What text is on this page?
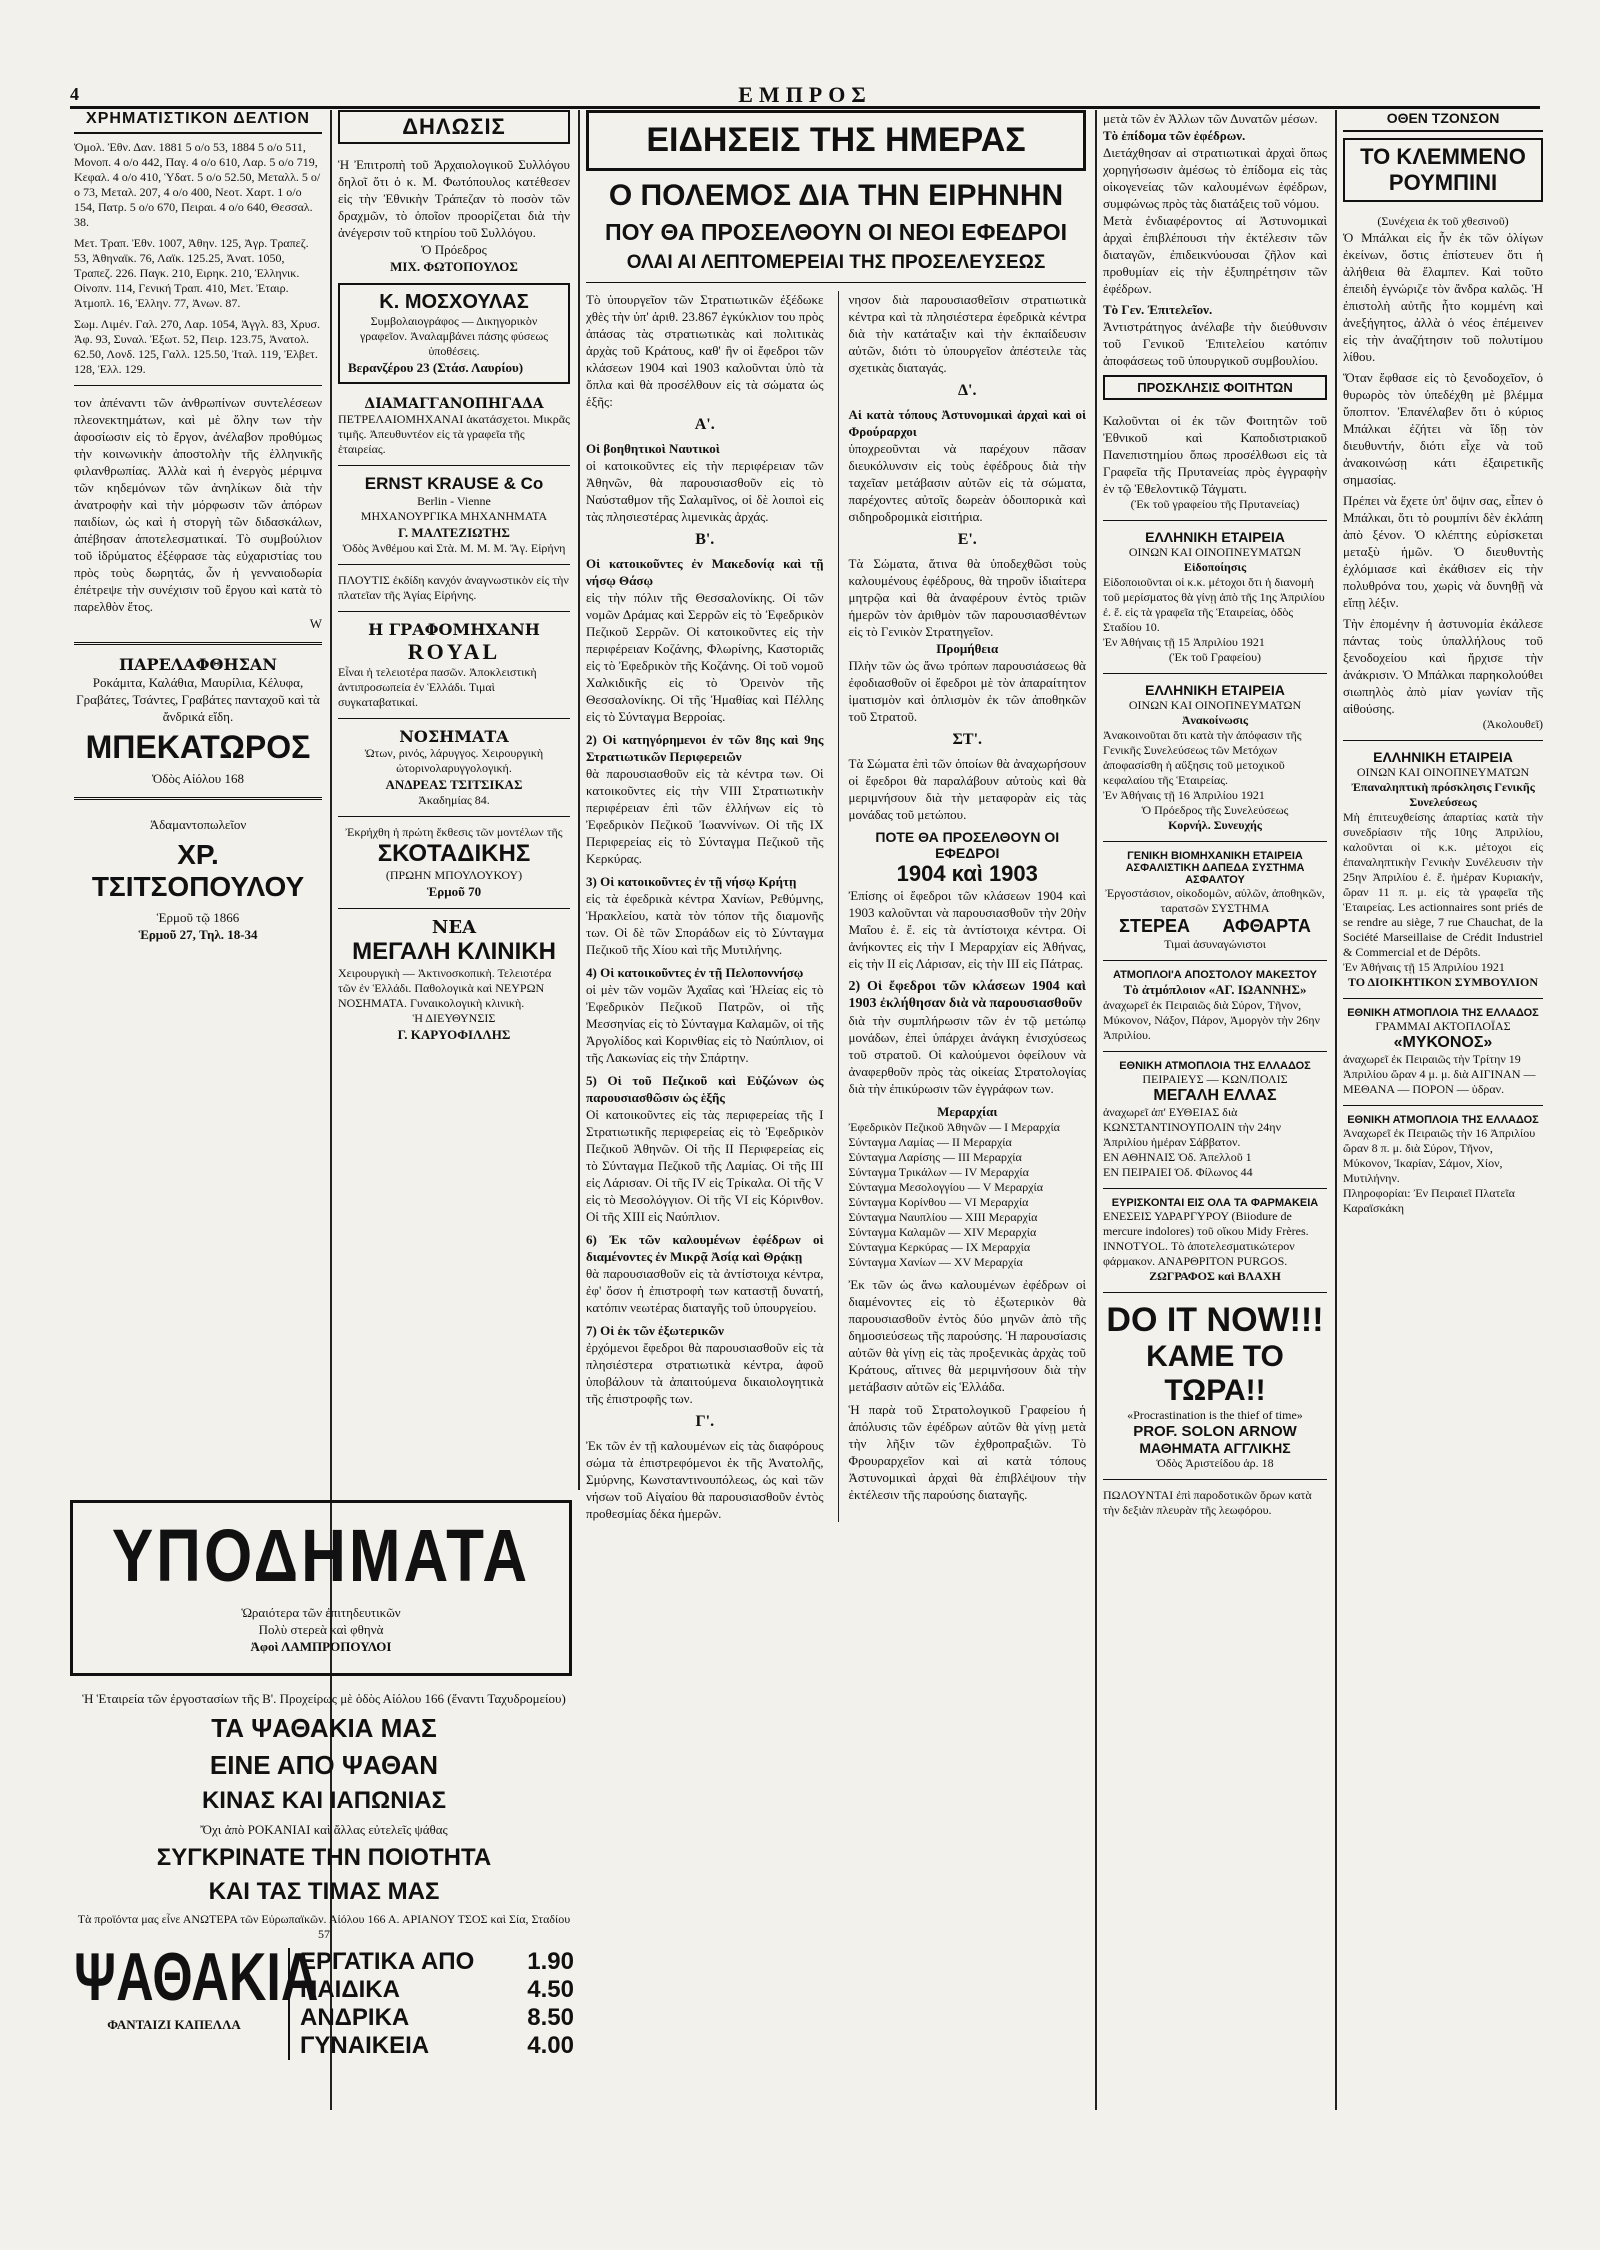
4	ΕΜΠΡΟΣ
ΧΡΗΜΑΤΙΣΤΙΚΟΝ ΔΕΛΤΙΟΝ
Ὁμολ. Ἐθν. Δαν. 1881 5 ο/ο 53, 1884 5 ο/ο 511, Μονοπ. 4 ο/ο 442, Παγ. 4 ο/ο 610, Λαρ. 5 ο/ο 719, Κεφαλ. 4 ο/ο 410, Ὑδατ. 5 ο/ο 52.50, Μεταλλ. 5 ο/ο 73, Μεταλ. 207, 4 ο/ο 400, Νεοτ. Χαρτ. 1 ο/ο 154, Πατρ. 5 ο/ο 670, Πειραι. 4 ο/ο 640, Θεσσαλ. 38.
Μετ. Τραπ. Ἐθν. 1007, Ἀθην. 125, Ἀγρ. Τραπεζ. 53, Ἀθηναϊκ. 76, Λαϊκ. 125.25, Ἀνατ. 1050, Τραπεζ. 226. Παγκ. 210, Ειρηκ. 210, Ἑλληνικ. Οἰνοπν. 114, Γενική Τραπ. 410, Μετ. Ἐταιρ. Ἀτμοπλ. 16, Ἑλλην. 77, Ἀνων. 87.
Σωμ. Λιμέν. Γαλ. 270, Λαρ. 1054, Ἀγγλ. 83, Χρυσ. Ἀφ. 93, Συναλ. Ἐξωτ. 52, Πειρ. 123.75, Ἀνατολ. 62.50, Λονδ. 125, Γαλλ. 125.50, Ἰταλ. 119, Ἐλβετ. 128, Ἐλλ. 129.
τον ἀπέναντι τῶν ἀνθρωπίνων συντελέσεων πλεονεκτημάτων, καὶ μὲ ὅλην των τὴν ἀφοσίωσιν εἰς τὸ ἔργον, ἀνέλαβον προθύμως τὴν κοινωνικὴν ἀποστολὴν τῆς ἑλληνικῆς φιλανθρωπίας. Ἀλλὰ καὶ ἡ ἐνεργὸς μέριμνα τῶν κηδεμόνων τῶν ἀνηλίκων διὰ τὴν ἀνατροφὴν καὶ τὴν μόρφωσιν τῶν ἀπόρων παιδίων, ὡς καὶ ἡ στοργὴ τῶν διδασκάλων, ἀπέβησαν ἀποτελεσματικαί. Τὸ συμβούλιον τοῦ ἱδρύματος ἐξέφρασε τὰς εὐχαριστίας του πρὸς τοὺς δωρητάς, ὧν ἡ γενναιοδωρία ἐπέτρεψε τὴν συνέχισιν τοῦ ἔργου καὶ κατὰ τὸ παρελθὸν ἔτος.
W
ΠΑΡΕΛΑΦΘΗΣΑΝ
Ροκάμιτα, Καλάθια, Μαυρίλια, Κέλυφα, Γραβάτες, Τσάντες, Γραβάτες πανταχοῦ καὶ τὰ ἄνδρικά εἴδη.
ΜΠΕΚΑΤΩΡΟΣ
Ὁδὸς Αἰόλου 168
Ἀδαμαντοπωλεῖον
ΧΡ. ΤΣΙΤΣΟΠΟΥΛΟΥ
Ἑρμοῦ τῷ 1866
Ἑρμοῦ 27, Τηλ. 18-34
ΔΗΛΩΣΙΣ
Ἡ Ἐπιτροπὴ τοῦ Ἀρχαιολογικοῦ Συλλόγου δηλοῖ ὅτι ὁ κ. Μ. Φωτόπουλος κατέθεσεν εἰς τὴν Ἐθνικὴν Τράπεζαν τὸ ποσὸν τῶν δραχμῶν, τὸ ὁποῖον προορίζεται διὰ τὴν ἀνέγερσιν τοῦ κτηρίου τοῦ Συλλόγου.
Ὁ Πρόεδρος
ΜΙΧ. ΦΩΤΟΠΟΥΛΟΣ
Κ. ΜΟΣΧΟΥΛΑΣ
Συμβολαιογράφος — Δικηγορικὸν γραφεῖον. Ἀναλαμβάνει πάσης φύσεως ὑποθέσεις.
Βερανζέρου 23 (Στάσ. Λαυρίου)
ΔΙΑΜΑΓΓΑΝΟΠΗΓΑΔΑ
ΠΕΤΡΕΛΑΙΟΜΗΧΑΝΑΙ ἀκατάσχετοι. Μικρᾶς τιμῆς. Ἀπευθυντέον εἰς τὰ γραφεῖα τῆς ἑταιρείας.
ERNST KRAUSE & Co
Berlin - Vienne
ΜΗΧΑΝΟΥΡΓΙΚΑ ΜΗΧΑΝΗΜΑΤΑ
Γ. ΜΑΛΤΕΖΙΩΤΗΣ
Ὁδὸς Ἀνθέμου καὶ Στὰ. Μ. Μ. Μ. Ἄγ. Εἰρήνη
ΠΛΟΥΤΙΣ ἐκδίδη κανχόν ἀναγνωστικὸν εἰς τὴν πλατεῖαν τῆς Ἁγίας Εἰρήνης.
Η ΓΡΑΦΟΜΗΧΑΝΗ
ROYAL
Εἶναι ἡ τελειοτέρα πασῶν. Ἀποκλειστικὴ ἀντιπροσωπεία ἐν Ἑλλάδι. Τιμαὶ συγκαταβατικαί.
ΝΟΣΗΜΑΤΑ
Ὠτων, ρινός, λάρυγγος. Χειρουργικὴ ὠτορινολαρυγγολογική.
ΑΝΔΡΕΑΣ ΤΣΙΤΣΙΚΑΣ
Ἀκαδημίας 84.
Ἐκρήχθη ἡ πρώτη ἔκθεσις τῶν μοντέλων τῆς
ΣΚΟΤΑΔΙΚΗΣ
(ΠΡΩΗΝ ΜΠΟΥΛΟΥΚΟΥ)
Ἑρμοῦ 70
ΝΕΑ
ΜΕΓΑΛΗ ΚΛΙΝΙΚΗ
Χειρουργικὴ — Ἀκτινοσκοπικὴ. Τελειοτέρα τῶν ἐν Ἑλλάδι. Παθολογικὰ καὶ ΝΕΥΡΩΝ ΝΟΣΗΜΑΤΑ. Γυναικολογικὴ κλινικὴ.
Ἡ ΔΙΕΥΘΥΝΣΙΣ
Γ. ΚΑΡΥΟΦΙΛΛΗΣ
ΥΠΟΔΗΜΑΤΑ
Ὡραιότερα τῶν ἐπιτηδευτικῶν
Πολὺ στερεὰ καὶ φθηνὰ
Ἀφοὶ ΛΑΜΠΡΟΠΟΥΛΟΙ
Ἡ Ἑταιρεία τῶν ἐργοστασίων τῆς Β'. Προχείρως μὲ ὁδὸς Αἰόλου 166 (ἔναντι Ταχυδρομείου)
ΤΑ ΨΑΘΑΚΙΑ ΜΑΣ
ΕΙΝΕ ΑΠΟ ΨΑΘΑΝ
ΚΙΝΑΣ ΚΑΙ ΙΑΠΩΝΙΑΣ
Ὄχι ἀπὸ ΡΟΚΑΝΙΑΙ καὶ ἄλλας εὐτελεῖς ψάθας
ΣΥΓΚΡΙΝΑΤΕ ΤΗΝ ΠΟΙΟΤΗΤΑ
ΚΑΙ ΤΑΣ ΤΙΜΑΣ ΜΑΣ
Τὰ προϊόντα μας εἶνε ΑΝΩΤΕΡΑ τῶν Εὐρωπαϊκῶν. Αἰόλου 166 Α. ΑΡΙΑΝΟΥ ΤΣΟΣ καὶ Σία, Σταδίου 57
ΨΑΘΑΚΙΑ
ΦΑΝΤΑΙΖΙ ΚΑΠΕΛΛΑ
ΕΡΓΑΤΙΚΑ ΑΠΟ 1.90
ΠΑΙΔΙΚΑ	4.50
ΑΝΔΡΙΚΑ	8.50
ΓΥΝΑΙΚΕΙΑ	4.00
ΕΙΔΗΣΕΙΣ ΤΗΣ ΗΜΕΡΑΣ
Ο ΠΟΛΕΜΟΣ ΔΙΑ ΤΗΝ ΕΙΡΗΝΗΝ
ΠΟΥ ΘΑ ΠΡΟΣΕΛΘΟΥΝ ΟΙ ΝΕΟΙ ΕΦΕΔΡΟΙ
ΟΛΑΙ ΑΙ ΛΕΠΤΟΜΕΡΕΙΑΙ ΤΗΣ ΠΡΟΣΕΛΕΥΣΕΩΣ
Τὸ ὑπουργεῖον τῶν Στρατιωτικῶν ἐξέδωκε χθὲς τὴν ὑπ' ἀριθ. 23.867 ἐγκύκλιον του πρὸς ἁπάσας τὰς στρατιωτικὰς καὶ πολιτικὰς ἀρχὰς τοῦ Κράτους, καθ' ἣν οἱ ἔφεδροι τῶν κλάσεων 1904 καὶ 1903 καλοῦνται ὑπὸ τὰ ὅπλα καὶ θὰ προσέλθουν εἰς τὰ σώματα ὡς ἑξῆς:
Α'.
Οἱ βοηθητικοὶ Ναυτικοὶ
οἱ κατοικοῦντες εἰς τὴν περιφέρειαν τῶν Ἀθηνῶν, θὰ παρουσιασθοῦν εἰς τὸ Ναύσταθμον τῆς Σαλαμῖνος, οἱ δὲ λοιποὶ εἰς τὰς πλησιεστέρας λιμενικὰς ἀρχάς.
Β'.
Οἱ κατοικοῦντες ἐν Μακεδονίᾳ καὶ τῇ νήσῳ Θάσῳ
εἰς τὴν πόλιν τῆς Θεσσαλονίκης. Οἱ τῶν νομῶν Δράμας καὶ Σερρῶν εἰς τὸ Ἐφεδρικὸν Πεζικοῦ Σερρῶν. Οἱ κατοικοῦντες εἰς τὴν περιφέρειαν Κοζάνης, Φλωρίνης, Καστοριᾶς εἰς τὸ Ἐφεδρικὸν τῆς Κοζάνης. Οἱ τοῦ νομοῦ Χαλκιδικῆς εἰς τὸ Ὀρεινὸν τῆς Θεσσαλονίκης. Οἱ τῆς Ἠμαθίας καὶ Πέλλης εἰς τὸ Σύνταγμα Βερροίας.
2) Οἱ κατηγόρημενοι ἐν τῶν 8ης καὶ 9ης Στρατιωτικῶν Περιφερειῶν
θὰ παρουσιασθοῦν εἰς τὰ κέντρα των. Οἱ κατοικοῦντες εἰς τὴν VIII Στρατιωτικὴν περιφέρειαν ἐπὶ τῶν ἑλλήνων εἰς τὸ Ἐφεδρικὸν Πεζικοῦ Ἰωαννίνων. Οἱ τῆς IX Περιφερείας εἰς τὸ Σύνταγμα Πεζικοῦ τῆς Κερκύρας.
3) Οἱ κατοικοῦντες ἐν τῇ νήσῳ Κρήτῃ
εἰς τὰ ἐφεδρικὰ κέντρα Χανίων, Ρεθύμνης, Ἡρακλείου, κατὰ τὸν τόπον τῆς διαμονῆς των. Οἱ δὲ τῶν Σποράδων εἰς τὸ Σύνταγμα Πεζικοῦ τῆς Χίου καὶ τῆς Μυτιλήνης.
4) Οἱ κατοικοῦντες ἐν τῇ Πελοποννήσῳ
οἱ μὲν τῶν νομῶν Ἀχαΐας καὶ Ἠλείας εἰς τὸ Ἐφεδρικὸν Πεζικοῦ Πατρῶν, οἱ τῆς Μεσσηνίας εἰς τὸ Σύνταγμα Καλαμῶν, οἱ τῆς Ἀργολίδος καὶ Κορινθίας εἰς τὸ Ναύπλιον, οἱ τῆς Λακωνίας εἰς τὴν Σπάρτην.
5) Οἱ τοῦ Πεζικοῦ καὶ Εὐζώνων ὡς παρουσιασθῶσιν ὡς ἑξῆς
Οἱ κατοικοῦντες εἰς τὰς περιφερείας τῆς Ι Στρατιωτικῆς περιφερείας εἰς τὸ Ἐφεδρικὸν Πεζικοῦ Ἀθηνῶν. Οἱ τῆς II Περιφερείας εἰς τὸ Σύνταγμα Πεζικοῦ τῆς Λαμίας. Οἱ τῆς III εἰς Λάρισαν. Οἱ τῆς IV εἰς Τρίκαλα. Οἱ τῆς V εἰς τὸ Μεσολόγγιον. Οἱ τῆς VI εἰς Κόρινθον. Οἱ τῆς XIII εἰς Ναύπλιον.
6) Ἐκ τῶν καλουμένων ἐφέδρων οἱ διαμένοντες ἐν Μικρᾷ Ἀσίᾳ καὶ Θρᾴκῃ
θὰ παρουσιασθοῦν εἰς τὰ ἀντίστοιχα κέντρα, ἐφ' ὅσον ἡ ἐπιστροφὴ των καταστῇ δυνατή, κατόπιν νεωτέρας διαταγῆς τοῦ ὑπουργείου.
7) Οἱ ἐκ τῶν ἐξωτερικῶν
ἐρχόμενοι ἔφεδροι θὰ παρουσιασθοῦν εἰς τὰ πλησιέστερα στρατιωτικὰ κέντρα, ἀφοῦ ὑποβάλουν τὰ ἀπαιτούμενα δικαιολογητικὰ τῆς ἐπιστροφῆς των.
Γ'.
Ἐκ τῶν ἐν τῇ καλουμένων εἰς τὰς διαφόρους σώμα τὰ ἐπιστρεφόμενοι ἐκ τῆς Ἀνατολῆς, Σμύρνης, Κωνσταντινουπόλεως, ὡς καὶ τῶν νήσων τοῦ Αἰγαίου θὰ παρουσιασθοῦν ἐντὸς προθεσμίας δέκα ἡμερῶν.
νησον διὰ παρουσιασθεῖσιν στρατιωτικὰ κέντρα καὶ τὰ πλησιέστερα ἐφεδρικὰ κέντρα διὰ τὴν κατάταξιν καὶ τὴν ἐκπαίδευσιν αὐτῶν, διότι τὸ ὑπουργεῖον ἀπέστειλε τὰς σχετικὰς διαταγάς.
Δ'.
Αἱ κατὰ τόπους Ἀστυνομικαὶ ἀρχαὶ καὶ οἱ Φρούραρχοι
ὑποχρεοῦνται νὰ παρέχουν πᾶσαν διευκόλυνσιν εἰς τοὺς ἐφέδρους διὰ τὴν ταχεῖαν μετάβασιν αὐτῶν εἰς τὰ σώματα, παρέχοντες αὐτοῖς δωρεὰν ὁδοιπορικὰ καὶ σιδηροδρομικὰ εἰσιτήρια.
Ε'.
Τὰ Σώματα, ἅτινα θὰ ὑποδεχθῶσι τοὺς καλουμένους ἐφέδρους, θὰ τηροῦν ἰδιαίτερα μητρῷα καὶ θὰ ἀναφέρουν ἐντὸς τριῶν ἡμερῶν τὸν ἀριθμὸν τῶν παρουσιασθέντων εἰς τὸ Γενικὸν Στρατηγεῖον.
Προμήθεια
Πλὴν τῶν ὡς ἄνω τρόπων παρουσιάσεως θὰ ἐφοδιασθοῦν οἱ ἔφεδροι μὲ τὸν ἀπαραίτητον ἱματισμὸν καὶ ὁπλισμὸν ἐκ τῶν ἀποθηκῶν τοῦ Στρατοῦ.
ΣΤ'.
Τὰ Σώματα ἐπὶ τῶν ὁποίων θὰ ἀναχωρήσουν οἱ ἔφεδροι θὰ παραλάβουν αὐτοὺς καὶ θὰ μεριμνήσουν διὰ τὴν μεταφορὰν εἰς τὰς μονάδας τοῦ μετώπου.
ΠΟΤΕ ΘΑ ΠΡΟΣΕΛΘΟΥΝ ΟΙ ΕΦΕΔΡΟΙ
1904 καὶ 1903
Ἐπίσης οἱ ἔφεδροι τῶν κλάσεων 1904 καὶ 1903 καλοῦνται νὰ παρουσιασθοῦν τὴν 20ὴν Μαΐου ἐ. ἔ. εἰς τὰ ἀντίστοιχα κέντρα. Οἱ ἀνήκοντες εἰς τὴν Ι Μεραρχίαν εἰς Ἀθήνας, εἰς τὴν II εἰς Λάρισαν, εἰς τὴν III εἰς Πάτρας.
2) Οἱ ἔφεδροι τῶν κλάσεων 1904 καὶ 1903 ἐκλήθησαν διὰ νὰ παρουσιασθοῦν
διὰ τὴν συμπλήρωσιν τῶν ἐν τῷ μετώπῳ μονάδων, ἐπεὶ ὑπάρχει ἀνάγκη ἐνισχύσεως τοῦ στρατοῦ. Οἱ καλούμενοι ὀφείλουν νὰ ἀναφερθοῦν πρὸς τὰς οἰκείας Στρατολογίας διὰ τὴν ἐπικύρωσιν τῶν ἐγγράφων των.
Μεραρχίαι
Ἐφεδρικὸν Πεζικοῦ Ἀθηνῶν — Ι Μεραρχία
Σύνταγμα Λαμίας — II Μεραρχία
Σύνταγμα Λαρίσης — III Μεραρχία
Σύνταγμα Τρικάλων — IV Μεραρχία
Σύνταγμα Μεσολογγίου — V Μεραρχία
Σύνταγμα Κορίνθου — VI Μεραρχία
Σύνταγμα Ναυπλίου — XIII Μεραρχία
Σύνταγμα Καλαμῶν — XIV Μεραρχία
Σύνταγμα Κερκύρας — IX Μεραρχία
Σύνταγμα Χανίων — XV Μεραρχία
Ἐκ τῶν ὡς ἄνω καλουμένων ἐφέδρων οἱ διαμένοντες εἰς τὸ ἐξωτερικὸν θὰ παρουσιασθοῦν ἐντὸς δύο μηνῶν ἀπὸ τῆς δημοσιεύσεως τῆς παρούσης. Ἡ παρουσίασις αὐτῶν θὰ γίνῃ εἰς τὰς προξενικὰς ἀρχὰς τοῦ Κράτους, αἵτινες θὰ μεριμνήσουν διὰ τὴν μετάβασιν αὐτῶν εἰς Ἑλλάδα.
Ἡ παρὰ τοῦ Στρατολογικοῦ Γραφείου ἡ ἀπόλυσις τῶν ἐφέδρων αὐτῶν θὰ γίνῃ μετὰ τὴν λῆξιν τῶν ἐχθροπραξιῶν. Τὸ Φρουραρχεῖον καὶ αἱ κατὰ τόπους Ἀστυνομικαὶ ἀρχαὶ θὰ ἐπιβλέψουν τὴν ἐκτέλεσιν τῆς παρούσης διαταγῆς.
μετὰ τῶν ἐν Ἀλλων τῶν Δυνατῶν μέσων.
Τὸ ἐπίδομα τῶν ἐφέδρων.
Διετάχθησαν αἱ στρατιωτικαὶ ἀρχαὶ ὅπως χορηγήσωσιν ἀμέσως τὸ ἐπίδομα εἰς τὰς οἰκογενείας τῶν καλουμένων ἐφέδρων, συμφώνως πρὸς τὰς διατάξεις τοῦ νόμου.
Μετὰ ἐνδιαφέροντος αἱ Ἀστυνομικαὶ ἀρχαὶ ἐπιβλέπουσι τὴν ἐκτέλεσιν τῶν διαταγῶν, ἐπιδεικνύουσαι ζῆλον καὶ προθυμίαν εἰς τὴν ἐξυπηρέτησιν τῶν ἐφέδρων.
Τὸ Γεν. Ἐπιτελεῖον.
Ἀντιστράτηγος ἀνέλαβε τὴν διεύθυνσιν τοῦ Γενικοῦ Ἐπιτελείου κατόπιν ἀποφάσεως τοῦ ὑπουργικοῦ συμβουλίου.
ΠΡΟΣΚΛΗΣΙΣ ΦΟΙΤΗΤΩΝ
Καλοῦνται οἱ ἐκ τῶν Φοιτητῶν τοῦ Ἐθνικοῦ καὶ Καποδιστριακοῦ Πανεπιστημίου ὅπως προσέλθωσι εἰς τὰ Γραφεῖα τῆς Πρυτανείας πρὸς ἐγγραφὴν ἐν τῷ Ἐθελοντικῷ Τάγματι.
(Ἐκ τοῦ γραφείου τῆς Πρυτανείας)
ΕΛΛΗΝΙΚΗ ΕΤΑΙΡΕΙΑ
ΟΙΝΩΝ ΚΑΙ ΟΙΝΟΠΝΕΥΜΑΤΩΝ
Εἰδοποίησις
Εἰδοποιοῦνται οἱ κ.κ. μέτοχοι ὅτι ἡ διανομὴ τοῦ μερίσματος θὰ γίνῃ ἀπὸ τῆς 1ης Ἀπριλίου ἐ. ἔ. εἰς τὰ γραφεῖα τῆς Ἑταιρείας, ὁδὸς Σταδίου 10.
Ἐν Ἀθήναις τῇ 15 Ἀπριλίου 1921
(Ἐκ τοῦ Γραφείου)
ΕΛΛΗΝΙΚΗ ΕΤΑΙΡΕΙΑ
ΟΙΝΩΝ ΚΑΙ ΟΙΝΟΠΝΕΥΜΑΤΩΝ
Ἀνακοίνωσις
Ἀνακοινοῦται ὅτι κατὰ τὴν ἀπόφασιν τῆς Γενικῆς Συνελεύσεως τῶν Μετόχων ἀποφασίσθη ἡ αὔξησις τοῦ μετοχικοῦ κεφαλαίου τῆς Ἑταιρείας.
Ἐν Ἀθήναις τῇ 16 Ἀπριλίου 1921
Ὁ Πρόεδρος τῆς Συνελεύσεως
Κορνήλ. Συνευχής
ΓΕΝΙΚΗ ΒΙΟΜΗΧΑΝΙΚΗ ΕΤΑΙΡΕΙΑ
ΑΣΦΑΛΙΣΤΙΚΗ ΔΑΠΕΔΑ ΣΥΣΤΗΜΑ ΑΣΦΑΛΤΟΥ
Ἐργοστάσιον, οἰκοδομῶν, αὐλῶν, ἀποθηκῶν, ταρατσῶν ΣΥΣΤΗΜΑ
ΣΤΕΡΕΑ ΑΦΘΑΡΤΑ
Τιμαὶ ἀσυναγώνιστοι
ΑΤΜΟΠΛΟΙ'Α ΑΠΟΣΤΟΛΟΥ ΜΑΚΕΣΤΟΥ
Τὸ ἀτμόπλοιον «ΑΓ. ΙΩΑΝΝΗΣ»
ἀναχωρεῖ ἐκ Πειραιῶς διὰ Σύρον, Τῆνον, Μύκονον, Νάξον, Πάρον, Ἀμοργὸν τὴν 26ην Ἀπριλίου.
ΕΘΝΙΚΗ ΑΤΜΟΠΛΟΙΑ ΤΗΣ ΕΛΛΑΔΟΣ
ΠΕΙΡΑΙΕΥΣ — ΚΩΝ/ΠΟΛΙΣ
ΜΕΓΑΛΗ ΕΛΛΑΣ
ἀναχωρεῖ ἀπ' ΕΥΘΕΙΑΣ διὰ ΚΩΝΣΤΑΝΤΙΝΟΥΠΟΛΙΝ τὴν 24ην Ἀπριλίου ἡμέραν Σάββατον.
ΕΝ ΑΘΗΝΑΙΣ Ὁδ. Ἀπελλοῦ 1
ΕΝ ΠΕΙΡΑΙΕΙ Ὁδ. Φίλωνος 44
ΕΥΡΙΣΚΟΝΤΑΙ ΕΙΣ ΟΛΑ ΤΑ ΦΑΡΜΑΚΕΙΑ
ΕΝΕΣΕΙΣ ΥΔΡΑΡΓΥΡΟΥ (Biiodure de mercure indolores) τοῦ οἴκου Midy Frères. INNOTYOL. Τὸ ἀποτελεσματικώτερον φάρμακον. ΑΝΑΡΘΡΙΤΟΝ PURGOS.
ΖΩΓΡΑΦΟΣ καὶ ΒΛΑΧΗ
DO IT NOW!!!
ΚΑΜΕ ΤΟ ΤΩΡΑ!!
«Procrastination is the thief of time»
PROF. SOLON ARNOW
ΜΑΘΗΜΑΤΑ ΑΓΓΛΙΚΗΣ
Ὁδὸς Ἀριστείδου ἀρ. 18
ΠΩΛΟΥΝΤΑΙ ἐπὶ παροδοτικῶν ὅρων κατὰ τὴν δεξιὰν πλευρὰν τῆς λεωφόρου.
ΟΘΕΝ ΤΖΟΝΣΟΝ
ΤΟ ΚΛΕΜΜΕΝΟ ΡΟΥΜΠΙΝΙ
(Συνέχεια ἐκ τοῦ χθεσινοῦ)
Ὁ Μπάλκαι εἰς ἦν ἐκ τῶν ὀλίγων ἐκείνων, ὅστις ἐπίστευεν ὅτι ἡ ἀλήθεια θὰ ἔλαμπεν. Καὶ τοῦτο ἐπειδὴ ἐγνώριζε τὸν ἄνδρα καλῶς. Ἡ ἐπιστολὴ αὐτῆς ἦτο κομμένη καὶ ἀνεξήγητος, ἀλλὰ ὁ νέος ἐπέμεινεν εἰς τὴν ἀναζήτησιν τοῦ πολυτίμου λίθου.
Ὅταν ἔφθασε εἰς τὸ ξενοδοχεῖον, ὁ θυρωρὸς τὸν ὑπεδέχθη μὲ βλέμμα ὕποπτον. Ἐπανέλαβεν ὅτι ὁ κύριος Μπάλκαι ἐζήτει νὰ ἴδῃ τὸν διευθυντήν, διότι εἶχε νὰ τοῦ ἀνακοινώσῃ κάτι ἐξαιρετικῆς σημασίας.
Πρέπει νὰ ἔχετε ὑπ' ὄψιν σας, εἶπεν ὁ Μπάλκαι, ὅτι τὸ ρουμπίνι δὲν ἐκλάπη ἀπὸ ξένον. Ὁ κλέπτης εὑρίσκεται μεταξὺ ἡμῶν. Ὁ διευθυντὴς ἐχλόμιασε καὶ ἐκάθισεν εἰς τὴν πολυθρόνα του, χωρὶς νὰ δυνηθῇ νὰ εἴπῃ λέξιν.
Τὴν ἐπομένην ἡ ἀστυνομία ἐκάλεσε πάντας τοὺς ὑπαλλήλους τοῦ ξενοδοχείου καὶ ἤρχισε τὴν ἀνάκρισιν. Ὁ Μπάλκαι παρηκολούθει σιωπηλὸς ἀπὸ μίαν γωνίαν τῆς αἰθούσης.
(Ἀκολουθεῖ)
ΕΛΛΗΝΙΚΗ ΕΤΑΙΡΕΙΑ
ΟΙΝΩΝ ΚΑΙ ΟΙΝΟΠΝΕΥΜΑΤΩΝ
Ἐπαναληπτικὴ πρόσκλησις Γενικῆς Συνελεύσεως
Μὴ ἐπιτευχθείσης ἀπαρτίας κατὰ τὴν συνεδρίασιν τῆς 10ης Ἀπριλίου, καλοῦνται οἱ κ.κ. μέτοχοι εἰς ἐπαναληπτικὴν Γενικὴν Συνέλευσιν τὴν 25ην Ἀπριλίου ἐ. ἔ. ἡμέραν Κυριακήν, ὥραν 11 π. μ. εἰς τὰ γραφεῖα τῆς Ἑταιρείας. Les actionnaires sont priés de se rendre au siège, 7 rue Chauchat, de la Société Marseillaise de Crédit Industriel & Commercial et de Dépôts.
Ἐν Ἀθήναις τῇ 15 Ἀπριλίου 1921
ΤΟ ΔΙΟΙΚΗΤΙΚΟΝ ΣΥΜΒΟΥΛΙΟΝ
ΕΘΝΙΚΗ ΑΤΜΟΠΛΟΙΑ ΤΗΣ ΕΛΛΑΔΟΣ
ΓΡΑΜΜΑΙ ΑΚΤΟΠΛΟΪΑΣ
«ΜΥΚΟΝΟΣ»
ἀναχωρεῖ ἐκ Πειραιῶς τὴν Τρίτην 19 Ἀπριλίου ὥραν 4 μ. μ. διὰ ΑΙΓΙΝΑΝ — ΜΕΘΑΝΑ — ΠΟΡΟΝ — ὑδραν.
ΕΘΝΙΚΗ ΑΤΜΟΠΛΟΙΑ ΤΗΣ ΕΛΛΑΔΟΣ
Ἀναχωρεῖ ἐκ Πειραιῶς τὴν 16 Ἀπριλίου ὥραν 8 π. μ. διὰ Σύρον, Τῆνον, Μύκονον, Ἰκαρίαν, Σάμον, Χίον, Μυτιλήνην.
Πληροφορίαι: Ἐν Πειραιεῖ Πλατεῖα Καραϊσκάκη
